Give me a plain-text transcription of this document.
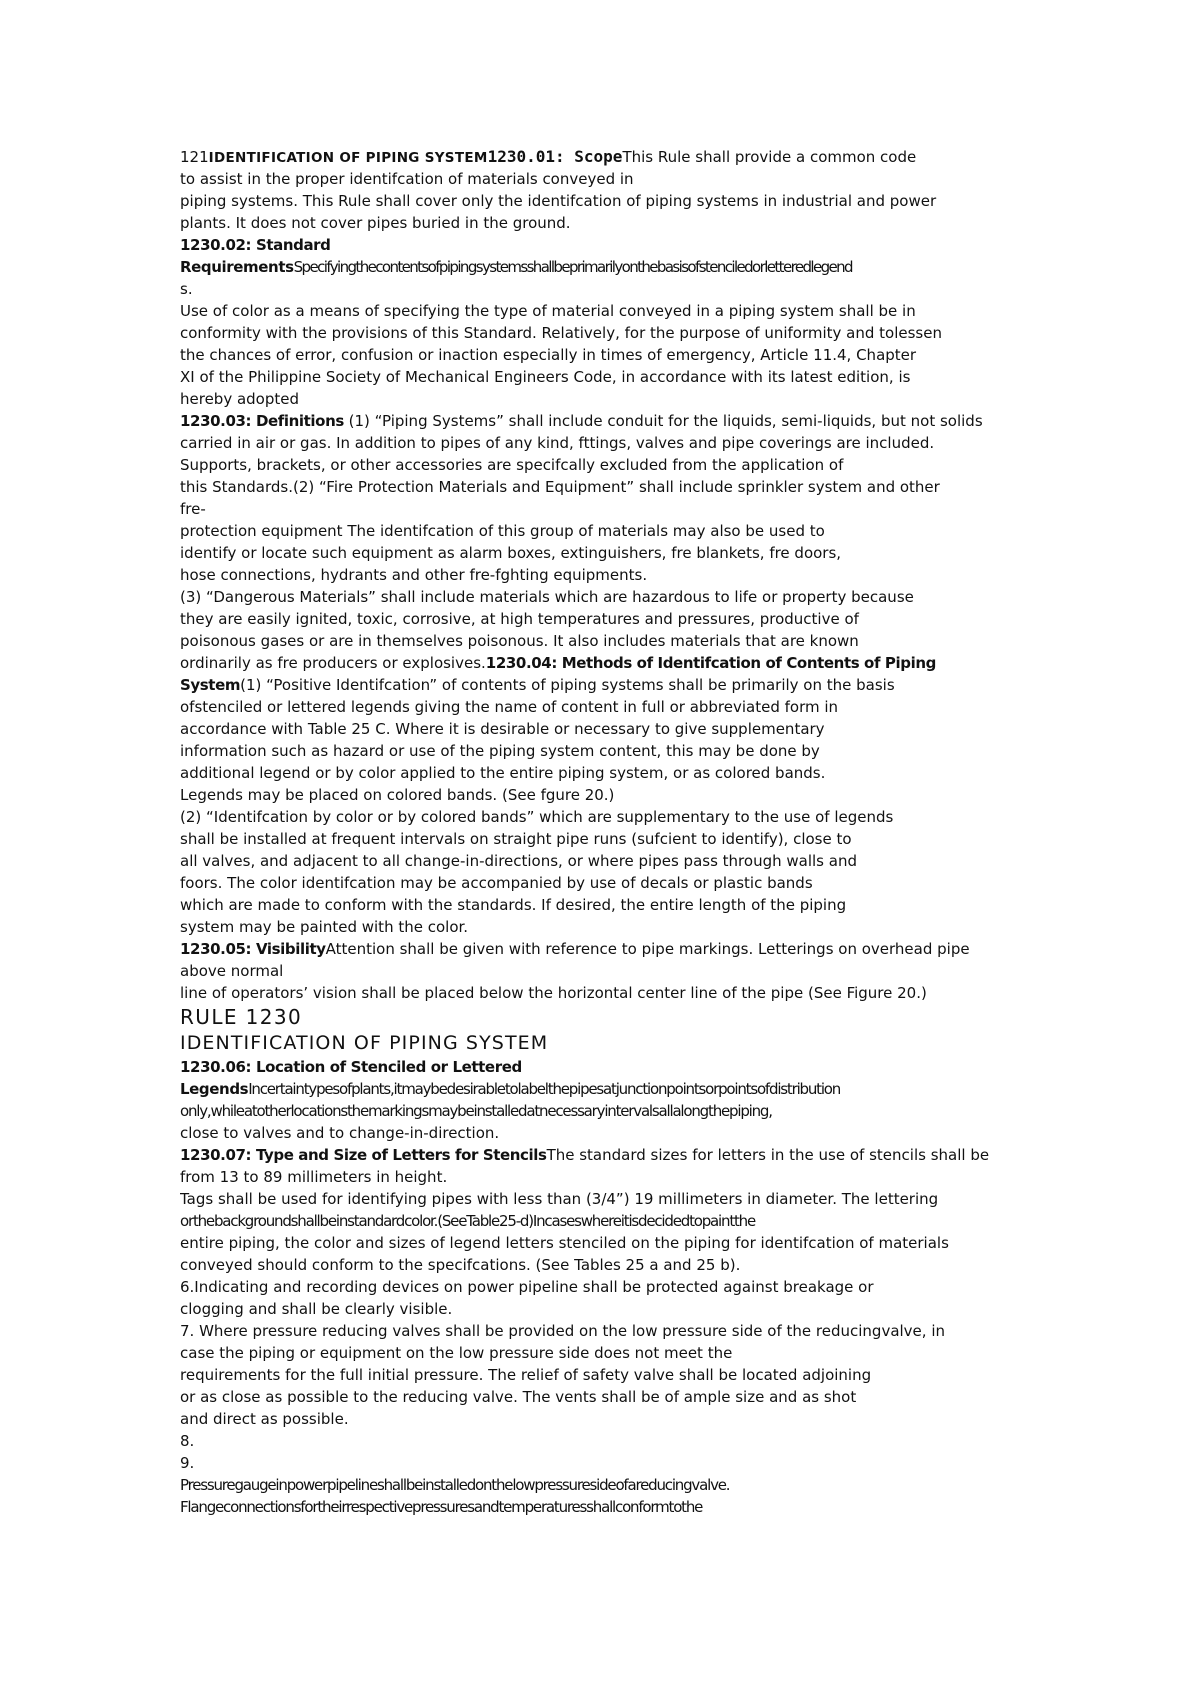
121IDENTIFICATION OF PIPING SYSTEM1230.01: ScopeThis Rule shall provide a common code
to assist in the proper identifcation of materials conveyed in
piping systems. This Rule shall cover only the identifcation of piping systems in industrial and power
plants. It does not cover pipes buried in the ground.
1230.02: Standard
RequirementsSpecifyingthecontentsofpipingsystemsshallbeprimarilyonthebasisofstenciledorletteredlegend
s.
Use of color as a means of specifying the type of material conveyed in a piping system shall be in
conformity with the provisions of this Standard. Relatively, for the purpose of uniformity and tolessen
the chances of error, confusion or inaction especially in times of emergency, Article 11.4, Chapter
XI of the Philippine Society of Mechanical Engineers Code, in accordance with its latest edition, is
hereby adopted
1230.03: Definitions (1) “Piping Systems” shall include conduit for the liquids, semi-liquids, but not solids
carried in air or gas. In addition to pipes of any kind, fttings, valves and pipe coverings are included.
Supports, brackets, or other accessories are specifcally excluded from the application of
this Standards.(2) “Fire Protection Materials and Equipment” shall include sprinkler system and other
fre-
protection equipment The identifcation of this group of materials may also be used to
identify or locate such equipment as alarm boxes, extinguishers, fre blankets, fre doors,
hose connections, hydrants and other fre-fghting equipments.
(3) “Dangerous Materials” shall include materials which are hazardous to life or property because
they are easily ignited, toxic, corrosive, at high temperatures and pressures, productive of
poisonous gases or are in themselves poisonous. It also includes materials that are known
ordinarily as fre producers or explosives.1230.04: Methods of Identifcation of Contents of Piping
System(1) “Positive Identifcation” of contents of piping systems shall be primarily on the basis
ofstenciled or lettered legends giving the name of content in full or abbreviated form in
accordance with Table 25 C. Where it is desirable or necessary to give supplementary
information such as hazard or use of the piping system content, this may be done by
additional legend or by color applied to the entire piping system, or as colored bands.
Legends may be placed on colored bands. (See fgure 20.)
(2) “Identifcation by color or by colored bands” which are supplementary to the use of legends
shall be installed at frequent intervals on straight pipe runs (sufcient to identify), close to
all valves, and adjacent to all change-in-directions, or where pipes pass through walls and
foors. The color identifcation may be accompanied by use of decals or plastic bands
which are made to conform with the standards. If desired, the entire length of the piping
system may be painted with the color.
1230.05: VisibilityAttention shall be given with reference to pipe markings. Letterings on overhead pipe
above normal
line of operators’ vision shall be placed below the horizontal center line of the pipe (See Figure 20.)
RULE 1230
IDENTIFICATION OF PIPING SYSTEM
1230.06: Location of Stenciled or Lettered
LegendsIncertaintypesofplants,itmaybedesirabletolabelthepipesatjunctionpointsorpointsofdistribution
only,whileatotherlocationsthemarkingsmaybeinstalledatnecessaryintervalsallalongthepiping,
close to valves and to change-in-direction.
1230.07: Type and Size of Letters for StencilsThe standard sizes for letters in the use of stencils shall be
from 13 to 89 millimeters in height.
Tags shall be used for identifying pipes with less than (3/4”) 19 millimeters in diameter. The lettering
orthebackgroundshallbeinstandardcolor.(SeeTable25-d)Incaseswhereitisdecidedtopaintthe
entire piping, the color and sizes of legend letters stenciled on the piping for identifcation of materials
conveyed should conform to the specifcations. (See Tables 25 a and 25 b).
6.Indicating and recording devices on power pipeline shall be protected against breakage or
clogging and shall be clearly visible.
7. Where pressure reducing valves shall be provided on the low pressure side of the reducingvalve, in
case the piping or equipment on the low pressure side does not meet the
requirements for the full initial pressure. The relief of safety valve shall be located adjoining
or as close as possible to the reducing valve. The vents shall be of ample size and as shot
and direct as possible.
8.
9.
Pressuregaugeinpowerpipelineshallbeinstalledonthelowpressuresideofareducingvalve.
Flangeconnectionsfortheirrespectivepressuresandtemperaturesshallconformtothe
